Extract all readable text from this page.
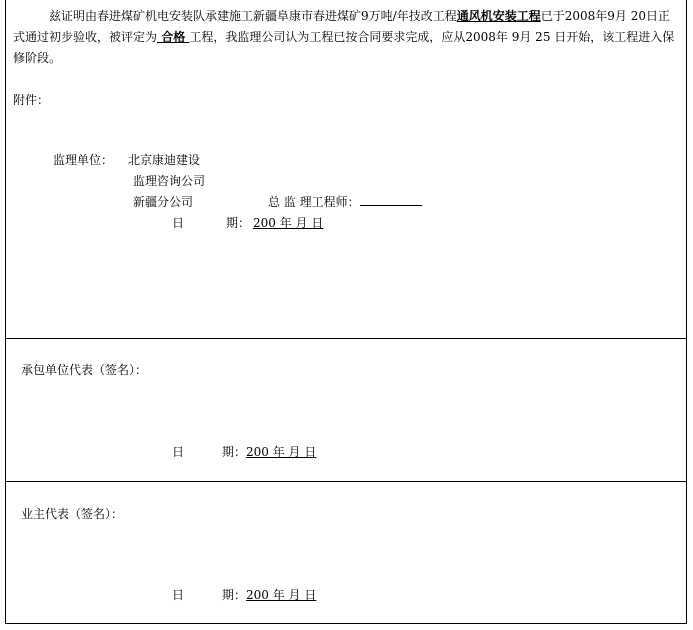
　　　兹证明由春进煤矿机电安装队承建施工新疆阜康市春进煤矿9万吨/年技改工程通风机安装工程已于2008年9月 20日正式通过初步验收，被评定为 合格 工程，我监理公司认为工程已按合同要求完成，应从2008年 9月 25 日开始，该工程进入保修阶段。
附件：
监理单位： 北京康迪建设
监理咨询公司
新疆分公司	总 监 理工程师：
日	期： 200 年 月 日
承包单位代表（签名）：
日	期： 200 年 月 日
业主代表（签名）：
日	期： 200 年 月 日
